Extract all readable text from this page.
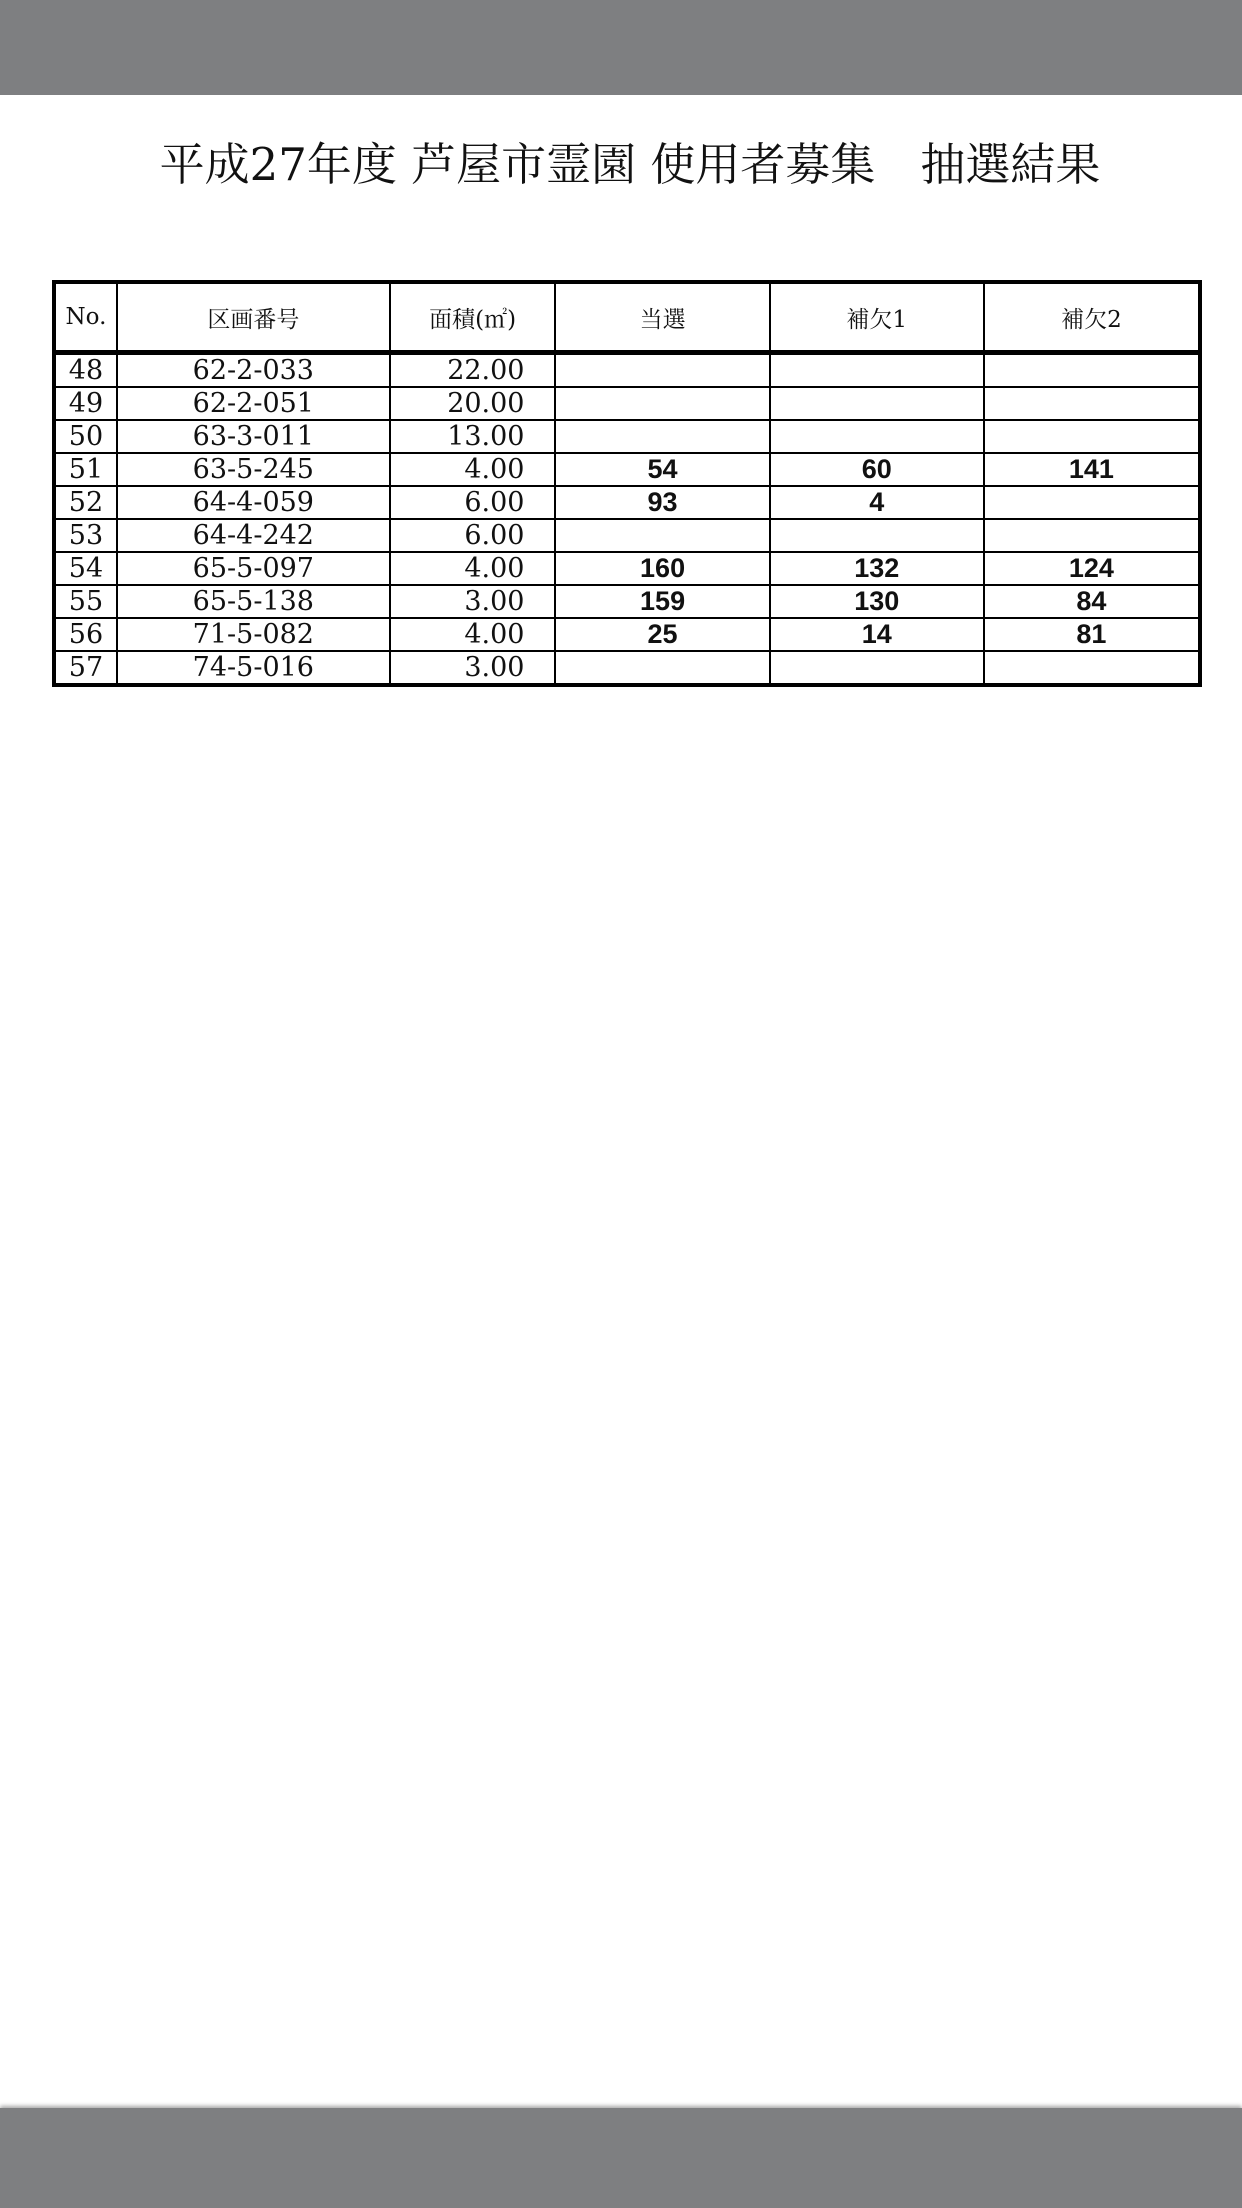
平成27年度 芦屋市霊園 使用者募集　抽選結果
No.	区画番号	面積(㎡)	当選	補欠1	補欠2
48	62-2-033	22.00			
49	62-2-051	20.00			
50	63-3-011	13.00			
51	63-5-245	4.00	54	60	141
52	64-4-059	6.00	93	4	
53	64-4-242	6.00			
54	65-5-097	4.00	160	132	124
55	65-5-138	3.00	159	130	84
56	71-5-082	4.00	25	14	81
57	74-5-016	3.00			
